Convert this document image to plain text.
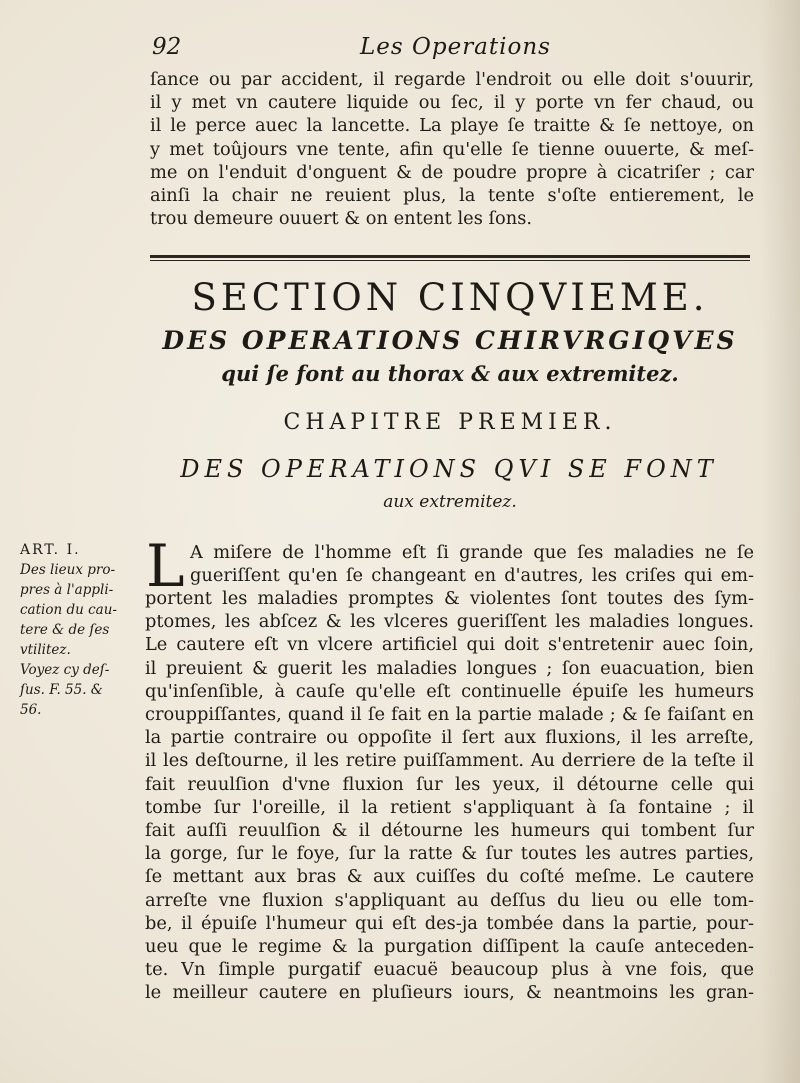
92	Les Operations
ſance ou par accident, il regarde l'endroit ou elle doit s'ouurir,
il y met vn cautere liquide ou ſec, il y porte vn fer chaud, ou
il le perce auec la lancette. La playe ſe traitte & ſe nettoye, on
y met toûjours vne tente, afin qu'elle ſe tienne ouuerte, & meſ-
me on l'enduit d'onguent & de poudre propre à cicatriſer ; car
ainſi la chair ne reuient plus, la tente s'oſte entierement, le
trou demeure ouuert & on entent les ſons.
SECTION CINQVIEME.
DES OPERATIONS CHIRVRGIQVES
qui ſe font au thorax & aux extremitez.
CHAPITRE PREMIER.
DES OPERATIONS QVI SE FONT
aux extremitez.
ART. I.
Des lieux pro-
pres à l'appli-
cation du cau-
tere & de ſes
vtilitez.
Voyez cy deſ-
ſus. F. 55. &
56.
L A miſere de l'homme eſt ſi grande que ſes maladies ne ſe
gueriſſent qu'en ſe changeant en d'autres, les criſes qui em-
portent les maladies promptes & violentes ſont toutes des ſym-
ptomes, les abſcez & les vlceres gueriſſent les maladies longues.
Le cautere eſt vn vlcere artificiel qui doit s'entretenir auec ſoin,
il preuient & guerit les maladies longues ; ſon euacuation, bien
qu'inſenſible, à cauſe qu'elle eſt continuelle épuiſe les humeurs
crouppiſſantes, quand il ſe fait en la partie malade ; & ſe faiſant en
la partie contraire ou oppoſite il ſert aux fluxions, il les arreſte,
il les deſtourne, il les retire puiſſamment. Au derriere de la teſte il
fait reuulſion d'vne fluxion ſur les yeux, il détourne celle qui
tombe ſur l'oreille, il la retient s'appliquant à ſa fontaine ; il
fait auſſi reuulſion & il détourne les humeurs qui tombent ſur
la gorge, ſur le foye, ſur la ratte & ſur toutes les autres parties,
ſe mettant aux bras & aux cuiſſes du coſté meſme. Le cautere
arreſte vne fluxion s'appliquant au deſſus du lieu ou elle tom-
be, il épuiſe l'humeur qui eſt des-ja tombée dans la partie, pour-
ueu que le regime & la purgation diſſipent la cauſe anteceden-
te. Vn ſimple purgatif euacuë beaucoup plus à vne fois, que
le meilleur cautere en pluſieurs iours, & neantmoins les gran-
